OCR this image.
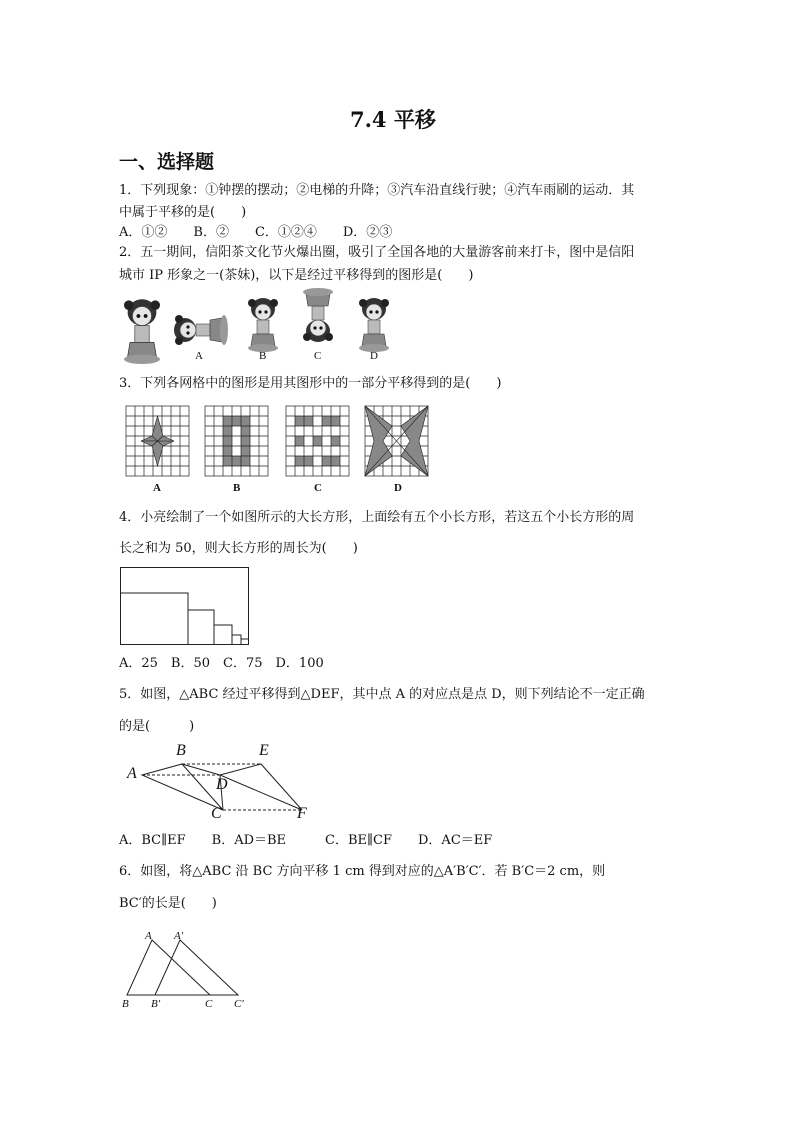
7.4 平移
一、选择题
1．下列现象：①钟摆的摆动；②电梯的升降；③汽车沿直线行驶；④汽车雨刷的运动．其
中属于平移的是(　　)
A．①②　　B．②　　C．①②④　　D．②③
2．五一期间，信阳茶文化节火爆出圈，吸引了全国各地的大量游客前来打卡，图中是信阳
城市 IP 形象之一(茶妹)，以下是经过平移得到的图形是(　　)
A	B	C	D
3．下列各网格中的图形是用其图形中的一部分平移得到的是(　　)
A	B	C	D
4．小亮绘制了一个如图所示的大长方形，上面绘有五个小长方形，若这五个小长方形的周
长之和为 50，则大长方形的周长为(　　)
A．25　B．50　C．75　D．100
5．如图，△ABC 经过平移得到△DEF，其中点 A 的对应点是点 D，则下列结论不一定正确
的是(　　　)
A
B
C
D
E
F
A．BC∥EF　　B．AD＝BE　　　C．BE∥CF　　D．AC＝EF
6．如图，将△ABC 沿 BC 方向平移 1 cm 得到对应的△A′B′C′．若 B′C＝2 cm，则
BC′的长是(　　)
A A′
B B′	C C′
